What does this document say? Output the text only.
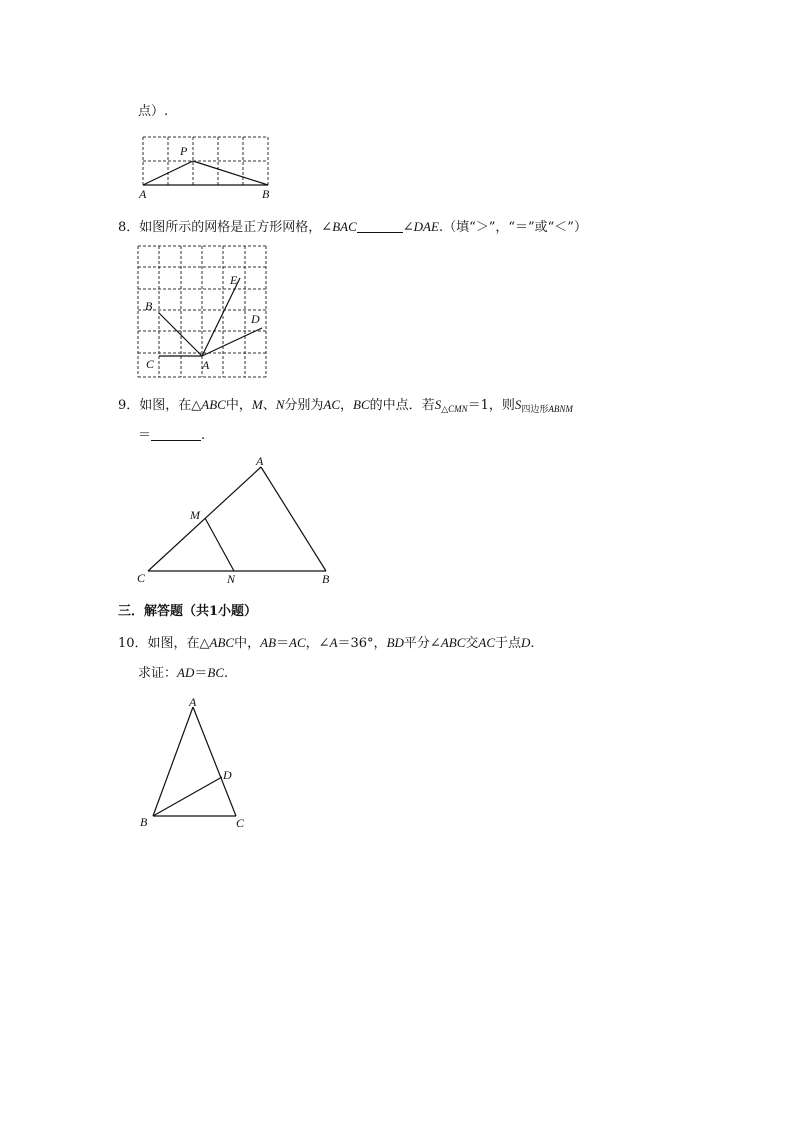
点）.
P
A	B
8．如图所示的网格是正方形网格，∠BAC	∠DAE.（填“＞”，“＝”或“＜”）
B
E
D
C	A
9．如图，在△ABC中，M、N分别为AC，BC的中点．若$S_{\triangle CMN}=1$，则$S_{四边形ABNM}$
＝	.
A
M
C	N	B
三．解答题（共1小题）
10．如图，在△ABC中，AB＝AC，∠A＝36°，BD平分∠ABC交AC于点D.
求证：AD＝BC.
A
D
B	C
